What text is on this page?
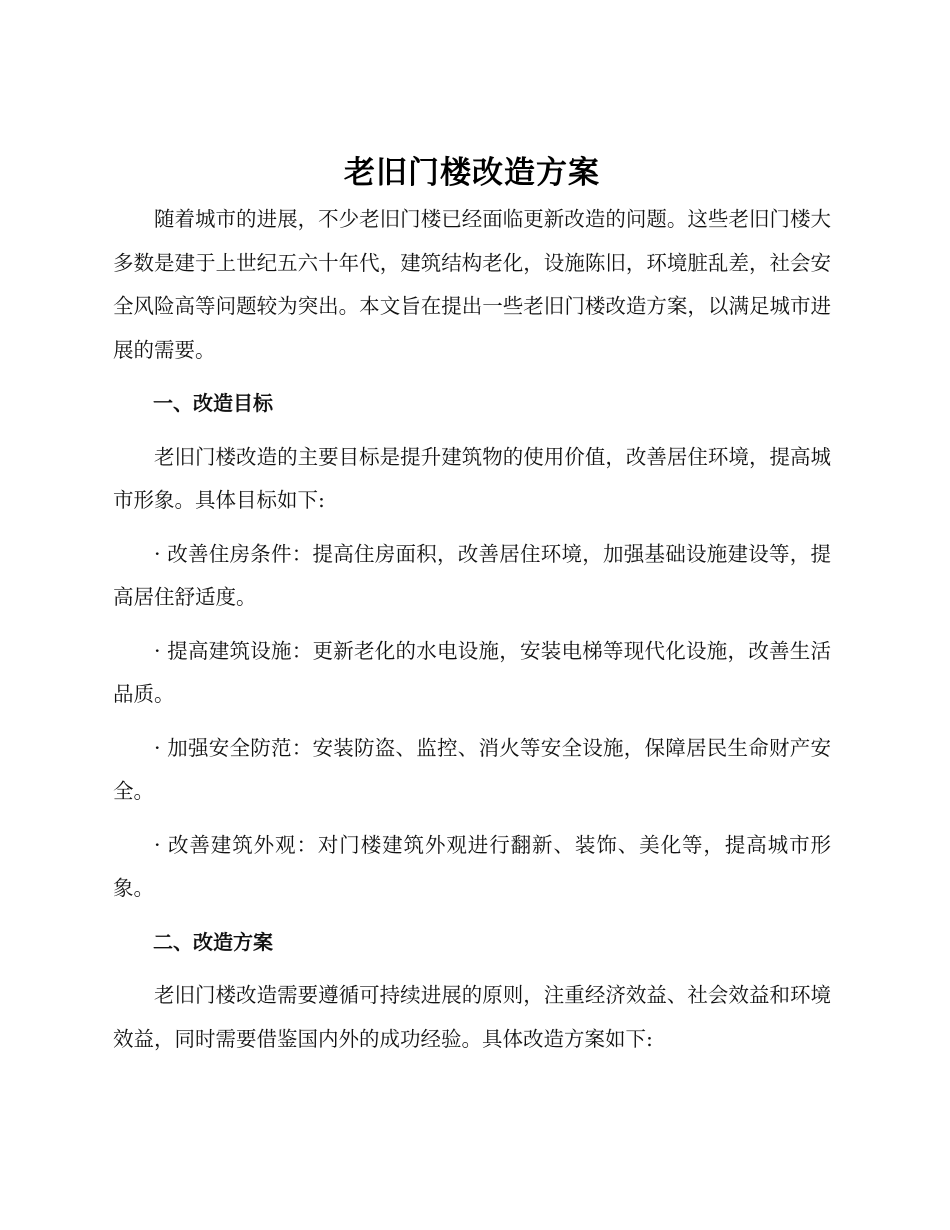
老旧门楼改造方案

随着城市的进展，不少老旧门楼已经面临更新改造的问题。这些老旧门楼大多数是建于上世纪五六十年代，建筑结构老化，设施陈旧，环境脏乱差，社会安全风险高等问题较为突出。本文旨在提出一些老旧门楼改造方案，以满足城市进展的需要。

一、改造目标

老旧门楼改造的主要目标是提升建筑物的使用价值，改善居住环境，提高城市形象。具体目标如下:

· 改善住房条件：提高住房面积，改善居住环境，加强基础设施建设等，提高居住舒适度。

· 提高建筑设施：更新老化的水电设施，安装电梯等现代化设施，改善生活品质。

· 加强安全防范：安装防盗、监控、消火等安全设施，保障居民生命财产安全。

· 改善建筑外观：对门楼建筑外观进行翻新、装饰、美化等，提高城市形象。

二、改造方案

老旧门楼改造需要遵循可持续进展的原则，注重经济效益、社会效益和环境效益，同时需要借鉴国内外的成功经验。具体改造方案如下:
